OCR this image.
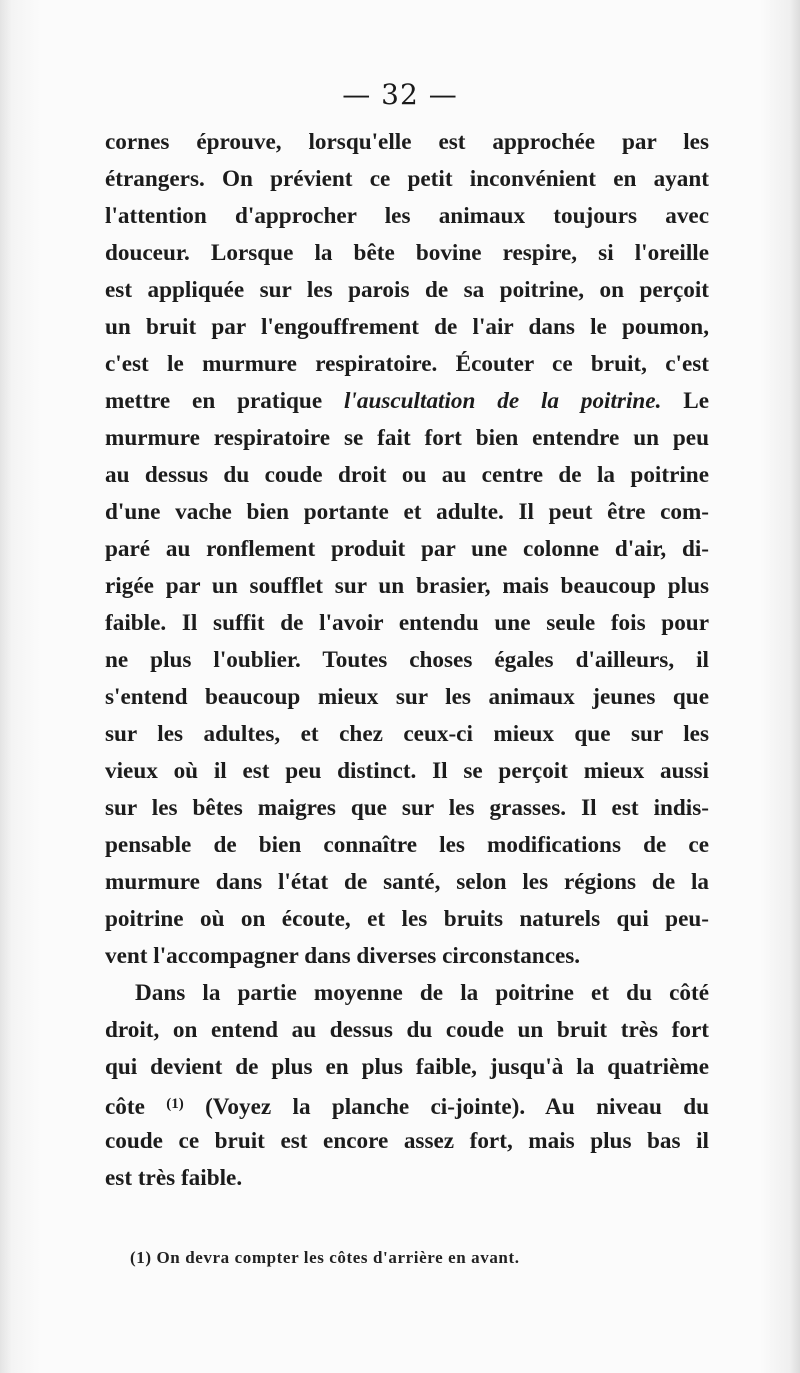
— 32 —
cornes éprouve, lorsqu'elle est approchée par les
étrangers. On prévient ce petit inconvénient en ayant
l'attention d'approcher les animaux toujours avec
douceur. Lorsque la bête bovine respire, si l'oreille
est appliquée sur les parois de sa poitrine, on perçoit
un bruit par l'engouffrement de l'air dans le poumon,
c'est le murmure respiratoire. Écouter ce bruit, c'est
mettre en pratique l'auscultation de la poitrine. Le
murmure respiratoire se fait fort bien entendre un peu
au dessus du coude droit ou au centre de la poitrine
d'une vache bien portante et adulte. Il peut être com-
paré au ronflement produit par une colonne d'air, di-
rigée par un soufflet sur un brasier, mais beaucoup plus
faible. Il suffit de l'avoir entendu une seule fois pour
ne plus l'oublier. Toutes choses égales d'ailleurs, il
s'entend beaucoup mieux sur les animaux jeunes que
sur les adultes, et chez ceux-ci mieux que sur les
vieux où il est peu distinct. Il se perçoit mieux aussi
sur les bêtes maigres que sur les grasses. Il est indis-
pensable de bien connaître les modifications de ce
murmure dans l'état de santé, selon les régions de la
poitrine où on écoute, et les bruits naturels qui peu-
vent l'accompagner dans diverses circonstances.
Dans la partie moyenne de la poitrine et du côté
droit, on entend au dessus du coude un bruit très fort
qui devient de plus en plus faible, jusqu'à la quatrième
côte $^{(1)}$ (Voyez la planche ci-jointe). Au niveau du
coude ce bruit est encore assez fort, mais plus bas il
est très faible.
(1) On devra compter les côtes d'arrière en avant.
